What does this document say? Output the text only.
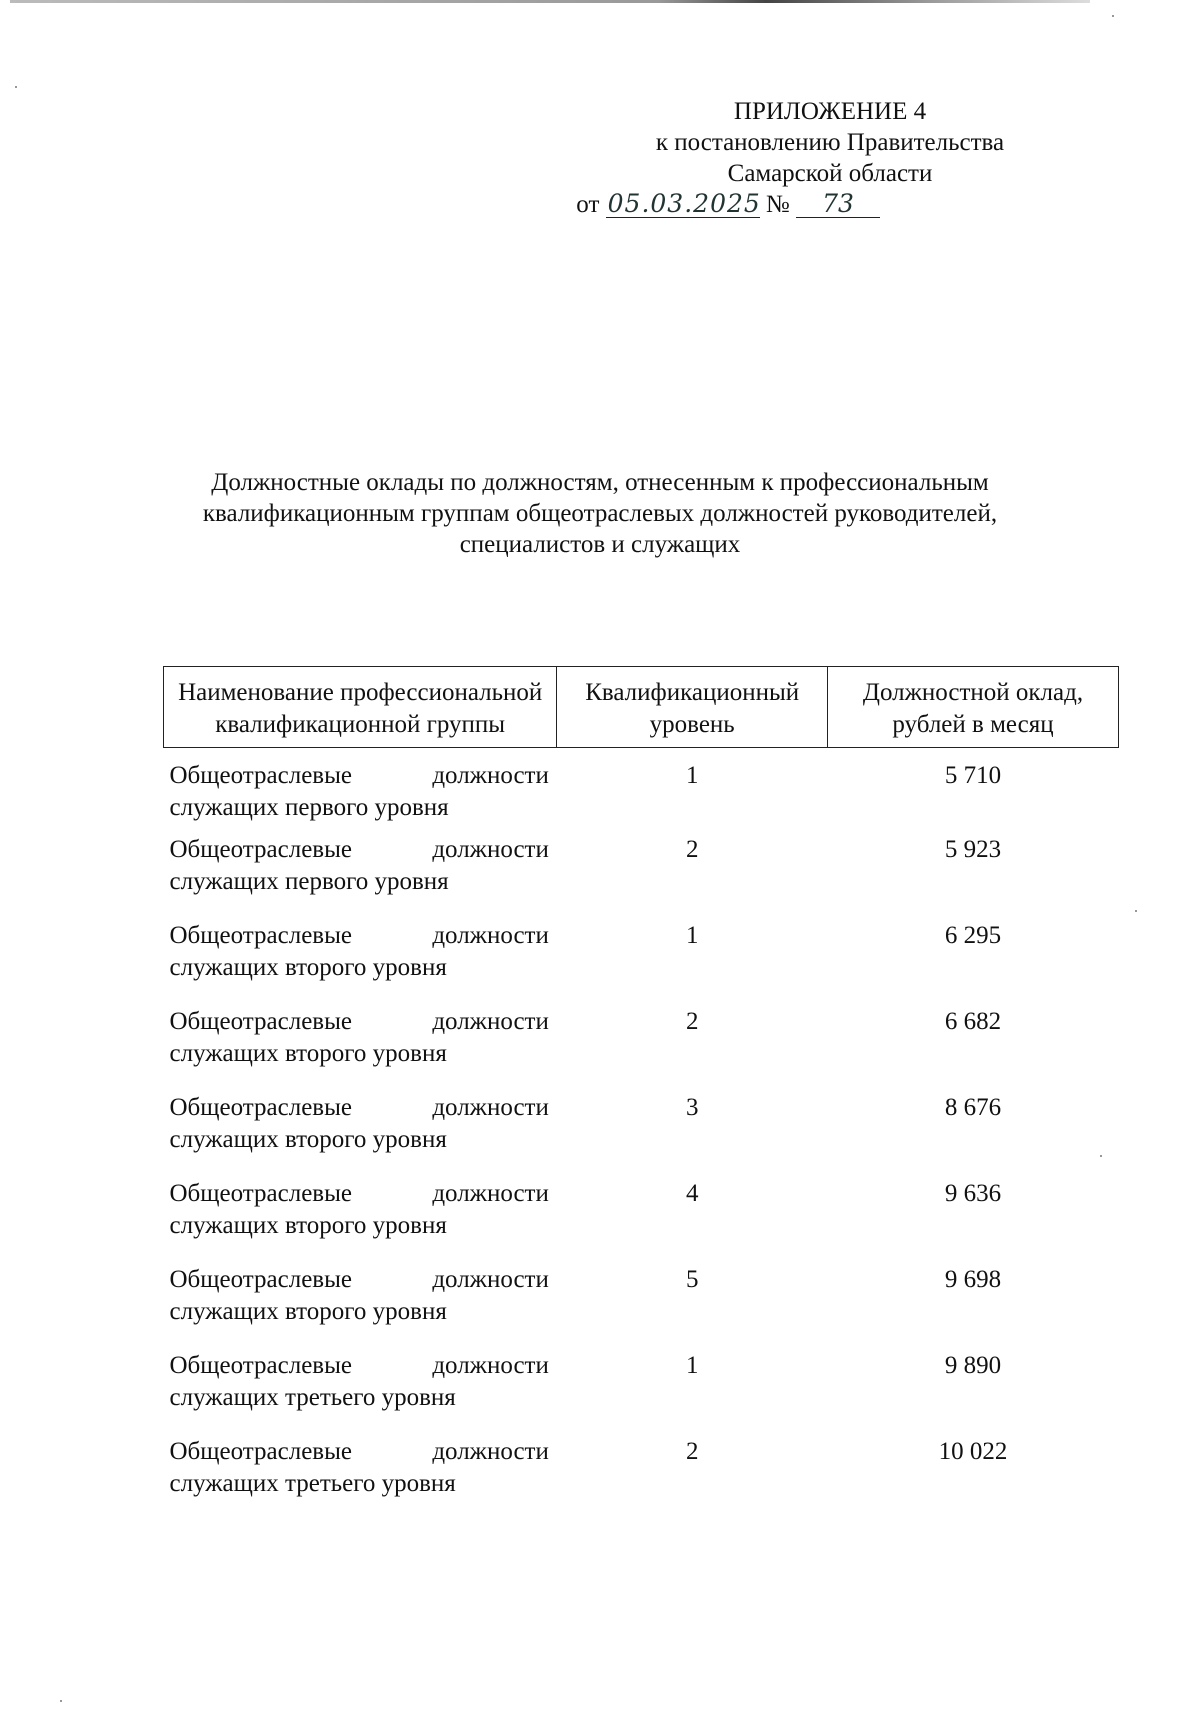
ПРИЛОЖЕНИЕ 4
к постановлению Правительства
Самарской области
от 05.03.2025 № 73
Должностные оклады по должностям, отнесенным к профессиональным
квалификационным группам общеотраслевых должностей руководителей,
специалистов и служащих
Наименование профессиональной квалификационной группы	Квалификационный уровень	Должностной оклад, рублей в месяц

Общеотраслевые должности
служащих первого уровня	1	5 710

Общеотраслевые должности
служащих первого уровня	2	5 923

Общеотраслевые должности
служащих второго уровня	1	6 295

Общеотраслевые должности
служащих второго уровня	2	6 682

Общеотраслевые должности
служащих второго уровня	3	8 676

Общеотраслевые должности
служащих второго уровня	4	9 636

Общеотраслевые должности
служащих второго уровня	5	9 698

Общеотраслевые должности
служащих третьего уровня	1	9 890

Общеотраслевые должности
служащих третьего уровня	2	10 022
